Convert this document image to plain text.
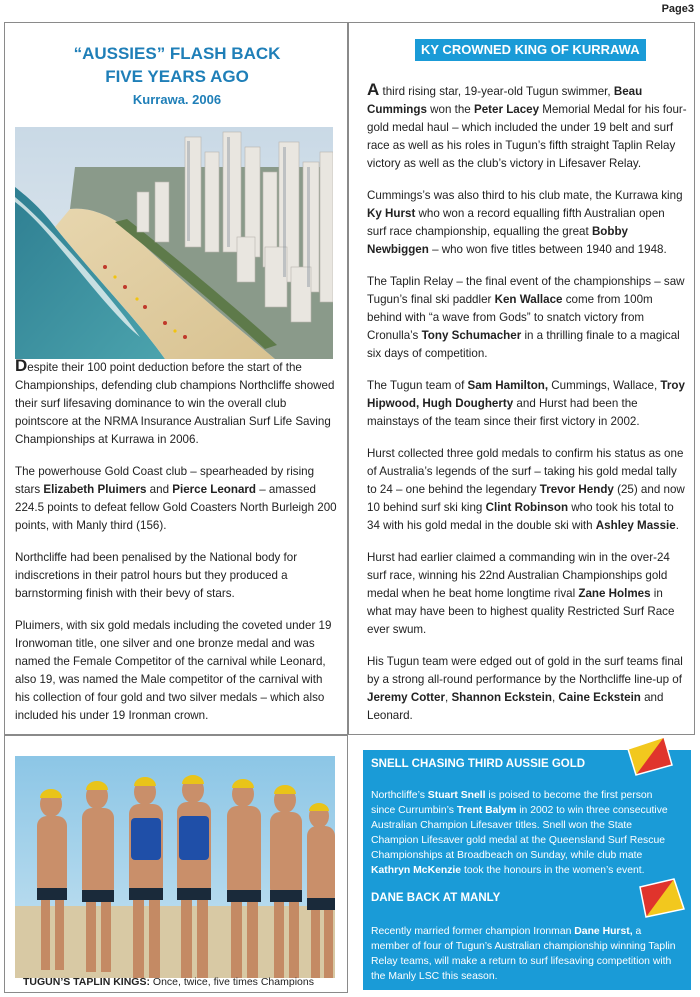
Page3
“AUSSIES” FLASH BACK
FIVE YEARS AGO
Kurrawa. 2006

Despite their 100 point deduction before the start of the Championships, defending club champions Northcliffe showed their surf lifesaving dominance to win the overall club pointscore at the NRMA Insurance Australian Surf Life Saving Championships at Kurrawa in 2006.

The powerhouse Gold Coast club – spearheaded by rising stars Elizabeth Pluimers and Pierce Leonard – amassed 224.5 points to defeat fellow Gold Coasters North Burleigh 200 points, with Manly third (156).

Northcliffe had been penalised by the National body for indiscretions in their patrol hours but they produced a barnstorming finish with their bevy of stars.

Pluimers, with six gold medals including the coveted under 19 Ironwoman title, one silver and one bronze medal and was named the Female Competitor of the carnival while Leonard, also 19, was named the Male competitor of the carnival with his collection of four gold and two silver medals – which also included his under 19 Ironman crown.

KY CROWNED KING OF KURRAWA

A third rising star, 19-year-old Tugun swimmer, Beau Cummings won the Peter Lacey Memorial Medal for his four-gold medal haul – which included the under 19 belt and surf race as well as his roles in Tugun’s fifth straight Taplin Relay victory as well as the club’s victory in Lifesaver Relay.

Cummings’s was also third to his club mate, the Kurrawa king Ky Hurst who won a record equalling fifth Australian open surf race championship, equalling the great Bobby Newbiggen – who won five titles between 1940 and 1948.

The Taplin Relay – the final event of the championships – saw Tugun’s final ski paddler Ken Wallace come from 100m behind with “a wave from Gods” to snatch victory from Cronulla’s Tony Schumacher in a thrilling finale to a magical six days of competition.

The Tugun team of Sam Hamilton, Cummings, Wallace, Troy Hipwood, Hugh Dougherty and Hurst had been the mainstays of the team since their first victory in 2002.

Hurst collected three gold medals to confirm his status as one of Australia’s legends of the surf – taking his gold medal tally to 24 – one behind the legendary Trevor Hendy (25) and now 10 behind surf ski king Clint Robinson who took his total to 34 with his gold medal in the double ski with Ashley Massie.

Hurst had earlier claimed a commanding win in the over-24 surf race, winning his 22nd Australian Championships gold medal when he beat home longtime rival Zane Holmes in what may have been to highest quality Restricted Surf Race ever swum.

His Tugun team were edged out of gold in the surf teams final by a strong all-round performance by the Northcliffe line-up of Jeremy Cotter, Shannon Eckstein, Caine Eckstein and Leonard.

TUGUN’S TAPLIN KINGS: Once, twice, five times Champions
SNELL CHASING THIRD AUSSIE GOLD
Northcliffe’s Stuart Snell is poised to become the first person since Currumbin’s Trent Balym in 2002 to win three consecutive Australian Champion Lifesaver titles. Snell won the State Champion Lifesaver gold medal at the Queensland Surf Rescue Championships at Broadbeach on Sunday, while club mate Kathryn McKenzie took the honours in the women’s event.
DANE BACK AT MANLY
Recently married former champion Ironman Dane Hurst, a member of four of Tugun’s Australian championship winning Taplin Relay teams, will make a return to surf lifesaving competition with the Manly LSC this season.
